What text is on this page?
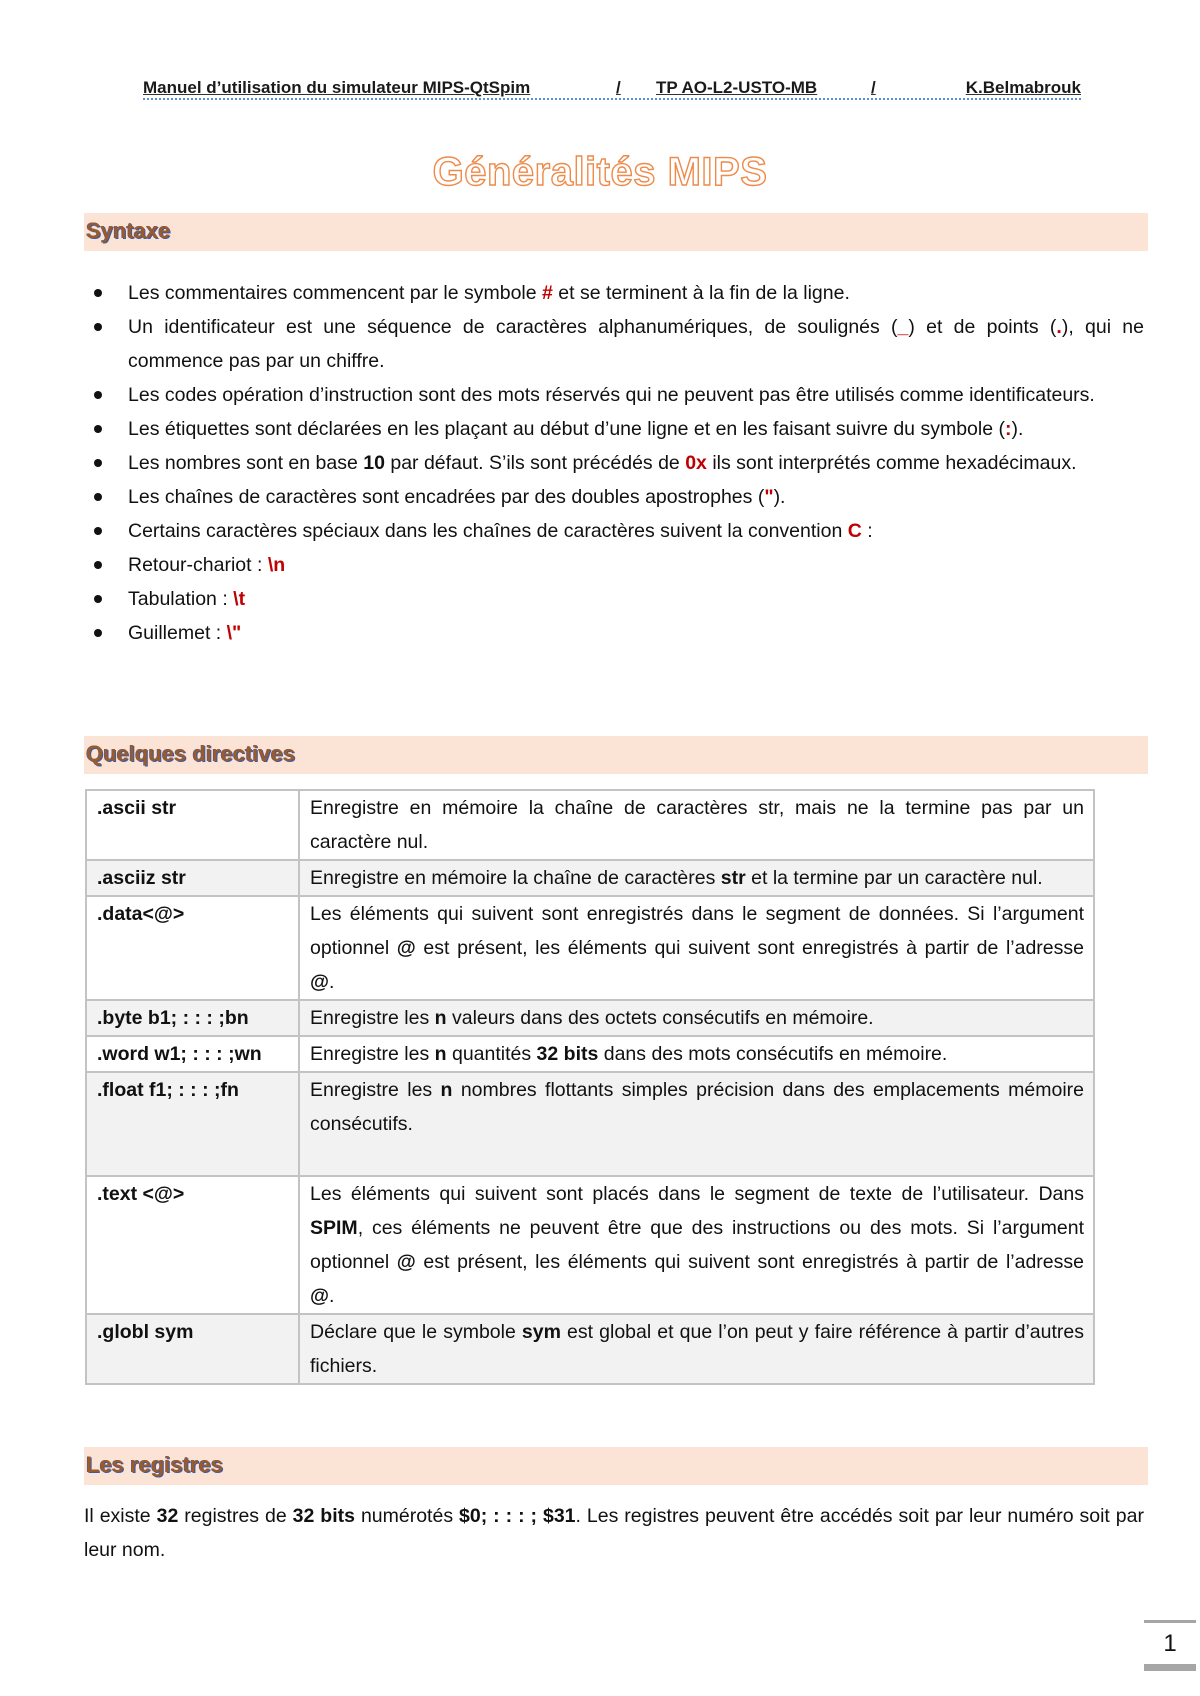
Manuel d’utilisation du simulateur MIPS-QtSpim	/	TP AO-L2-USTO-MB	/	K.Belmabrouk
Généralités MIPS
Syntaxe
Les commentaires commencent par le symbole # et se terminent à la fin de la ligne.
Un identificateur est une séquence de caractères alphanumériques, de soulignés (_) et de points (.), qui ne commence pas par un chiffre.
Les codes opération d’instruction sont des mots réservés qui ne peuvent pas être utilisés comme identificateurs.
Les étiquettes sont déclarées en les plaçant au début d’une ligne et en les faisant suivre du symbole (:).
Les nombres sont en base 10 par défaut. S’ils sont précédés de 0x ils sont interprétés comme hexadécimaux.
Les chaînes de caractères sont encadrées par des doubles apostrophes (").
Certains caractères spéciaux dans les chaînes de caractères suivent la convention C :
Retour-chariot : \n
Tabulation : \t
Guillemet : \"
Quelques directives
.ascii str	Enregistre en mémoire la chaîne de caractères str, mais ne la termine pas par un caractère nul.
.asciiz str	Enregistre en mémoire la chaîne de caractères str et la termine par un caractère nul.
.data<@>	Les éléments qui suivent sont enregistrés dans le segment de données. Si l’argument optionnel @ est présent, les éléments qui suivent sont enregistrés à partir de l’adresse @.
.byte b1; : : : ;bn	Enregistre les n valeurs dans des octets consécutifs en mémoire.
.word w1; : : : ;wn	Enregistre les n quantités 32 bits dans des mots consécutifs en mémoire.
.float f1; : : : ;fn	Enregistre les n nombres flottants simples précision dans des emplacements mémoire consécutifs.
.text <@>	Les éléments qui suivent sont placés dans le segment de texte de l’utilisateur. Dans SPIM, ces éléments ne peuvent être que des instructions ou des mots. Si l’argument optionnel @ est présent, les éléments qui suivent sont enregistrés à partir de l’adresse @.
.globl sym	Déclare que le symbole sym est global et que l’on peut y faire référence à partir d’autres fichiers.
Les registres
Il existe 32 registres de 32 bits numérotés $0; : : : ; $31. Les registres peuvent être accédés soit par leur numéro soit par leur nom.
1
